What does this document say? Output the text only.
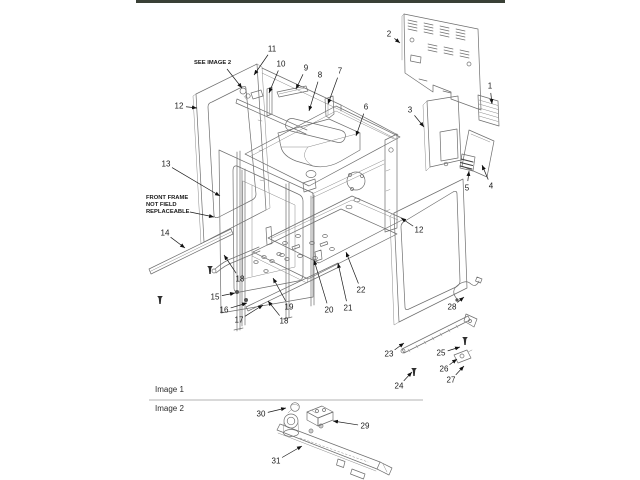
SEE IMAGE 2
FRONT FRAME
NOT FIELD
REPLACEABLE
Image 1
Image 2
1
2
3
4
5
6
7
8
9
10
11
12
12
13
14
15
16
17
18
18
19	20 21
22
23
24
25
26
27
28
29
30
31
